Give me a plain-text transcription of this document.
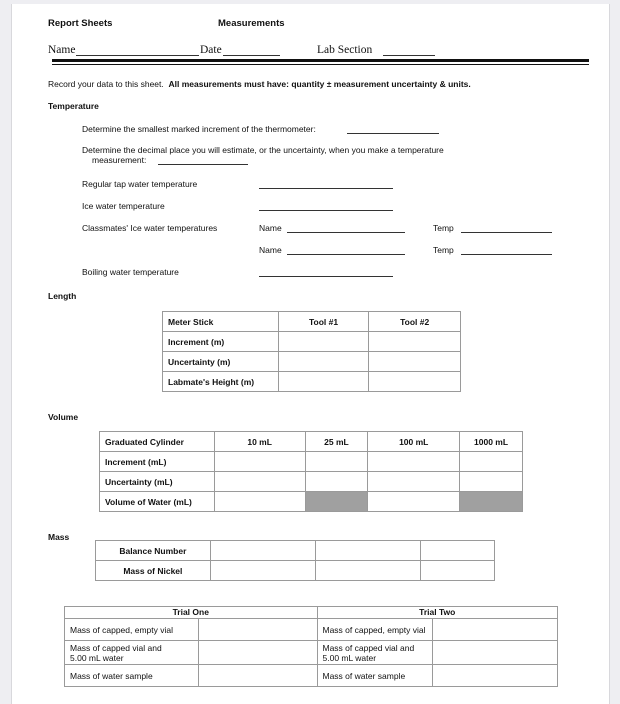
Report Sheets	Measurements
Name	Date	Lab Section
Record your data to this sheet. All measurements must have: quantity ± measurement uncertainty & units.
Temperature
Determine the smallest marked increment of the thermometer:
Determine the decimal place you will estimate, or the uncertainty, when you make a temperature
measurement:
Regular tap water temperature
Ice water temperature
Classmates' Ice water temperatures	Name	Temp
Name	Temp
Boiling water temperature
Length
Meter Stick	Tool #1	Tool #2
Increment (m)		
Uncertainty (m)		
Labmate's Height (m)		
Volume
Graduated Cylinder	10 mL	25 mL	100 mL	1000 mL
Increment (mL)				
Uncertainty (mL)				
Volume of Water (mL)				
Mass
Balance Number			
Mass of Nickel			
Trial One		Trial Two	
Mass of capped, empty vial		Mass of capped, empty vial	
Mass of capped vial and 5.00 mL water		Mass of capped vial and 5.00 mL water	
Mass of water sample		Mass of water sample	
